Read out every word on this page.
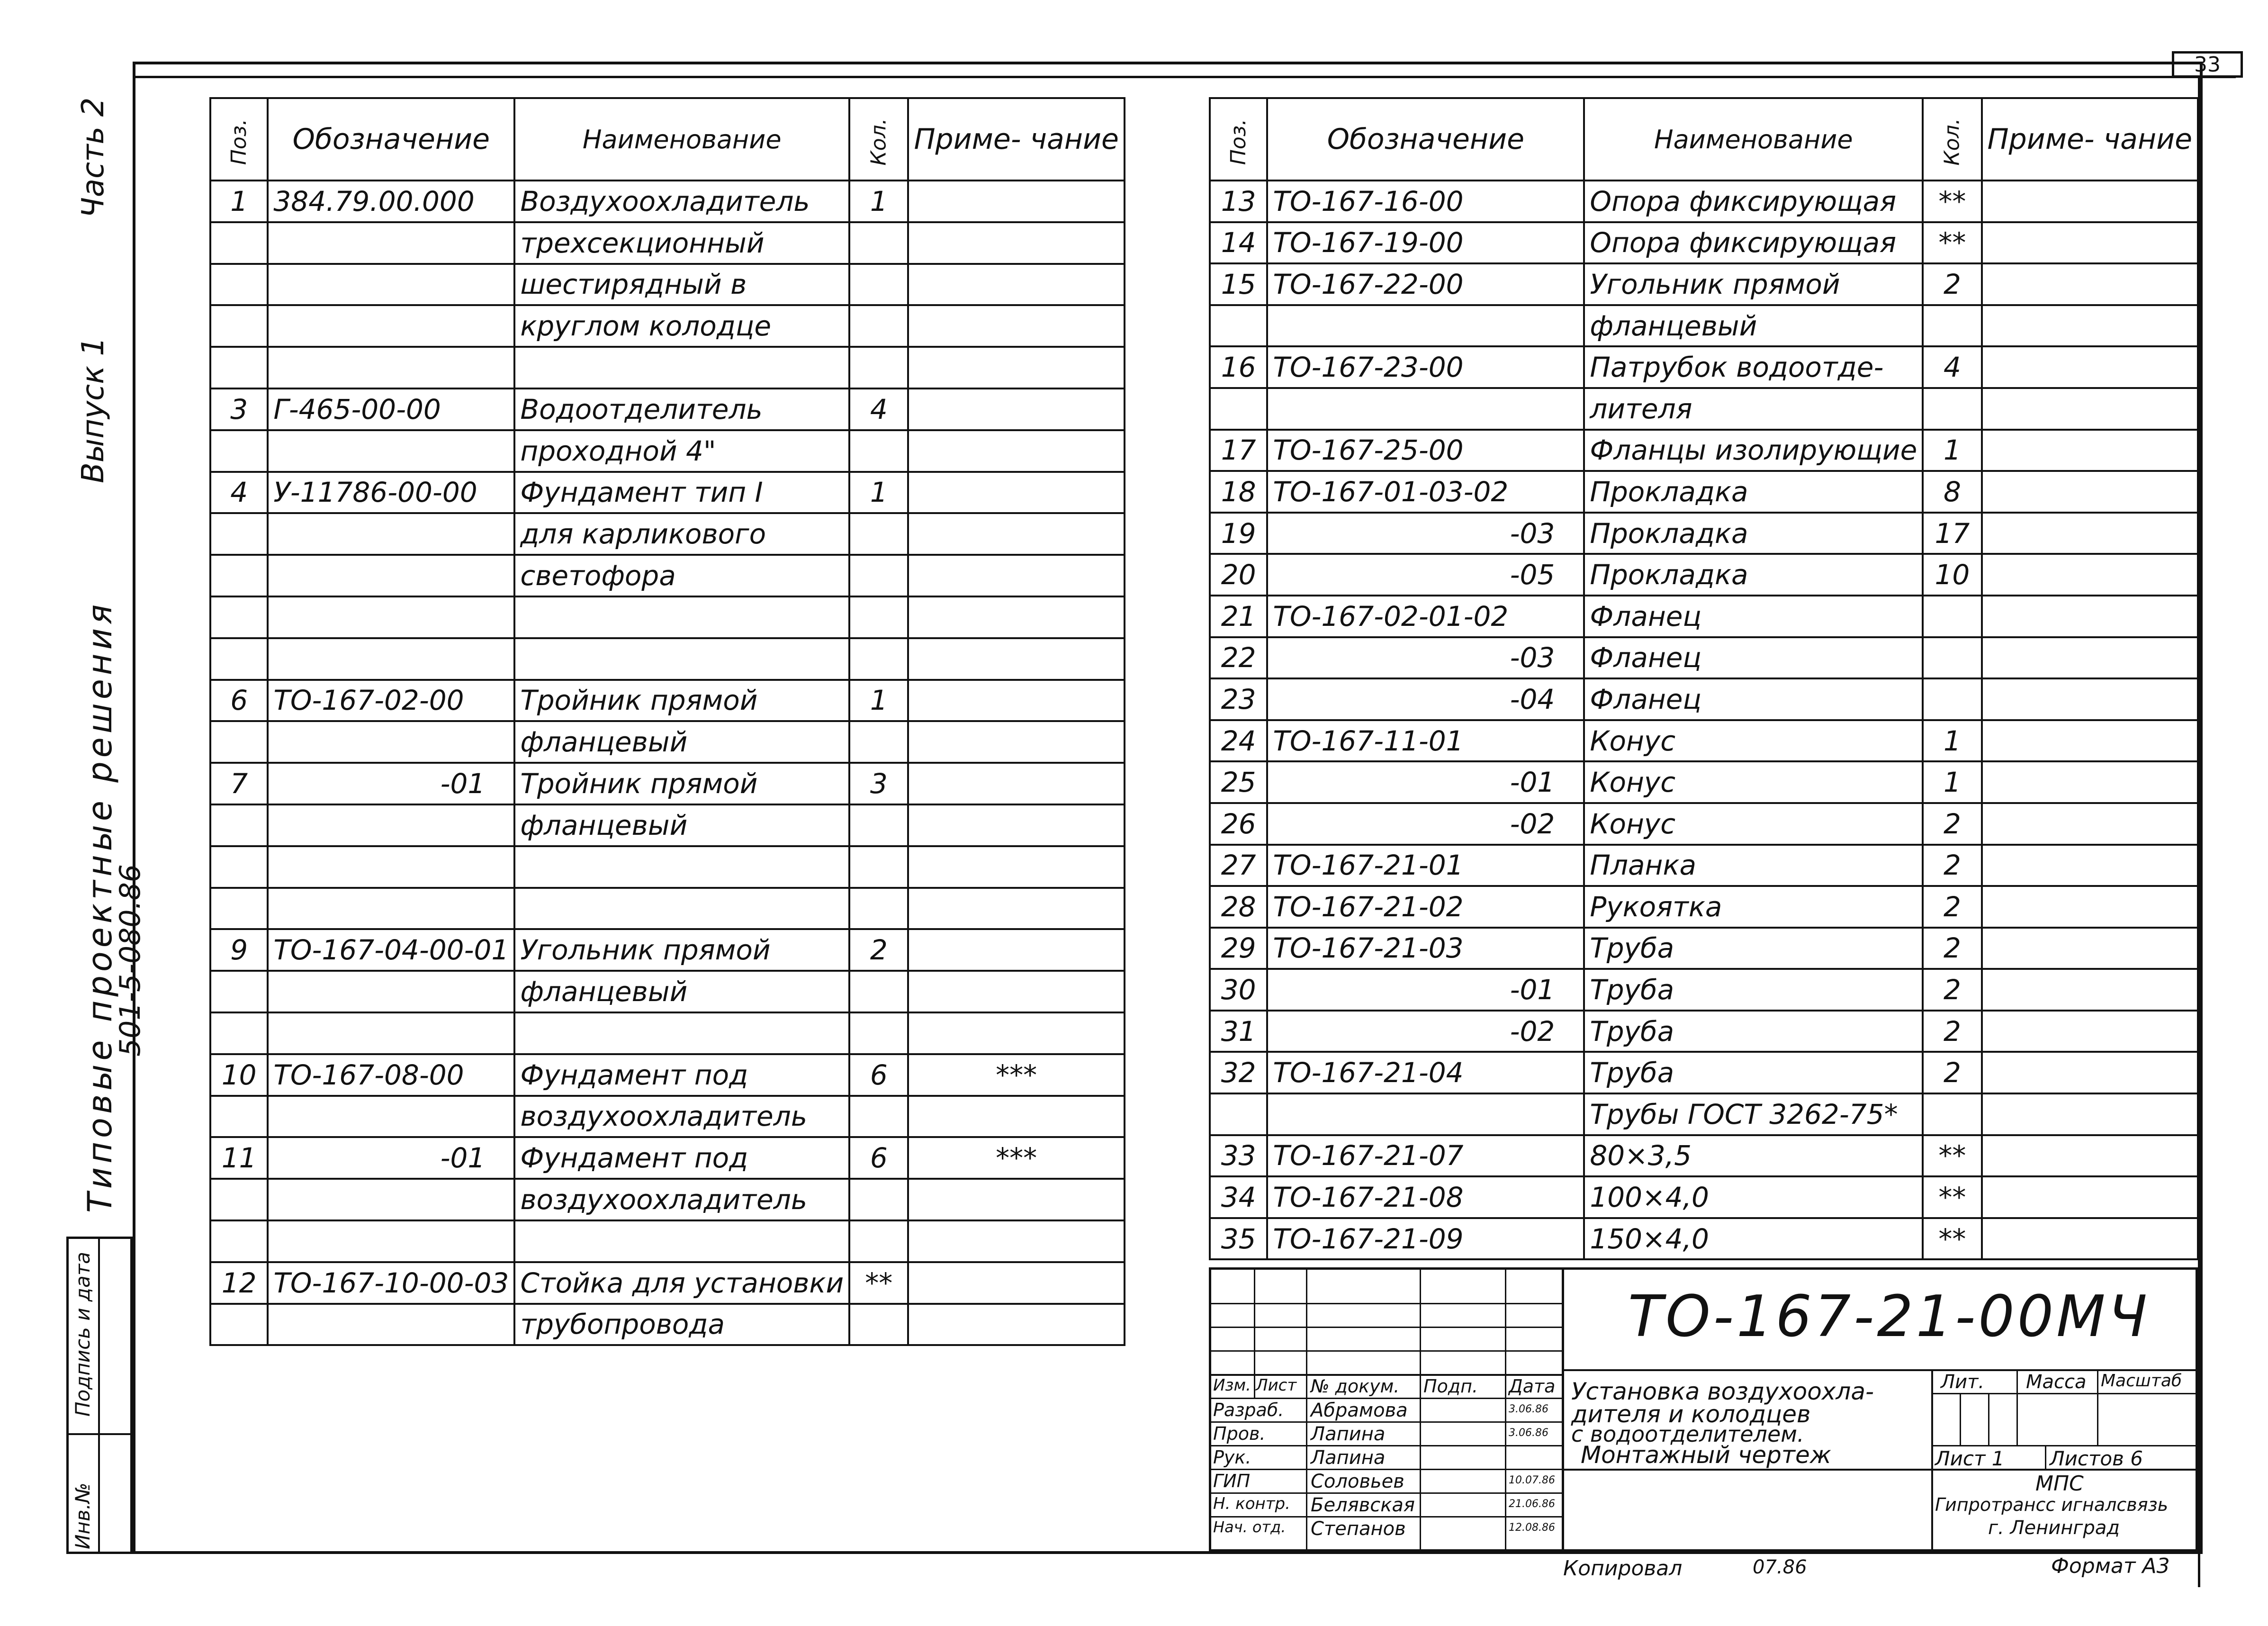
33
Часть 2
Выпуск 1
Типовые проектные решения
501-5-080.86
Подпись и дата
Инв.№
Поз.	Обозначение	Наименование	Кол.	Приме- чание
1	384.79.00.000	Воздухоохладитель	1	
		трехсекционный		
		шестирядный в		
		круглом колодце		

3	Г-465-00-00	Водоотделитель	4	
		проходной 4"		
4	У-11786-00-00	Фундамент тип I	1	
		для карликового		
		светофора		

6	ТО-167-02-00	Тройник прямой	1	
		фланцевый		
7	-01	Тройник прямой	3	
		фланцевый		

9	ТО-167-04-00-01	Угольник прямой	2	
		фланцевый		

10	ТО-167-08-00	Фундамент под	6	***
		воздухоохладитель		
11	-01	Фундамент под	6	***
		воздухоохладитель		

12	ТО-167-10-00-03	Стойка для установки	**	
		трубопровода		
Поз.	Обозначение	Наименование	Кол.	Приме- чание
13	ТО-167-16-00	Опора фиксирующая	**	
14	ТО-167-19-00	Опора фиксирующая	**	
15	ТО-167-22-00	Угольник прямой	2	
		фланцевый		
16	ТО-167-23-00	Патрубок водоотде-	4	
		лителя		
17	ТО-167-25-00	Фланцы изолирующие	1	
18	ТО-167-01-03-02	Прокладка	8	
19	-03	Прокладка	17	
20	-05	Прокладка	10	
21	ТО-167-02-01-02	Фланец		
22	-03	Фланец		
23	-04	Фланец		
24	ТО-167-11-01	Конус	1	
25	-01	Конус	1	
26	-02	Конус	2	
27	ТО-167-21-01	Планка	2	
28	ТО-167-21-02	Рукоятка	2	
29	ТО-167-21-03	Труба	2	
30	-01	Труба	2	
31	-02	Труба	2	
32	ТО-167-21-04	Труба	2	
		Трубы ГОСТ 3262-75*		
33	ТО-167-21-07	80×3,5	**	
34	ТО-167-21-08	100×4,0	**	
35	ТО-167-21-09	150×4,0	**	
Изм. Лист № докум. Подп. Дата
Разраб. Абрамова	3.06.86
Пров. Лапина	3.06.86
Рук.	Лапина
ГИП	Соловьев	10.07.86
Н. контр. Белявская	21.06.86
Нач. отд. Степанов	12.08.86
ТО-167-21-00МЧ
Установка воздухоохла-
дителя и колодцев
с водоотделителем.
Монтажный чертеж
Лит. Масса Масштаб
Лист 1 Листов 6
МПС
Гипротрансс игналсвязь
г. Ленинград
Копировал	07.86	Формат А3
